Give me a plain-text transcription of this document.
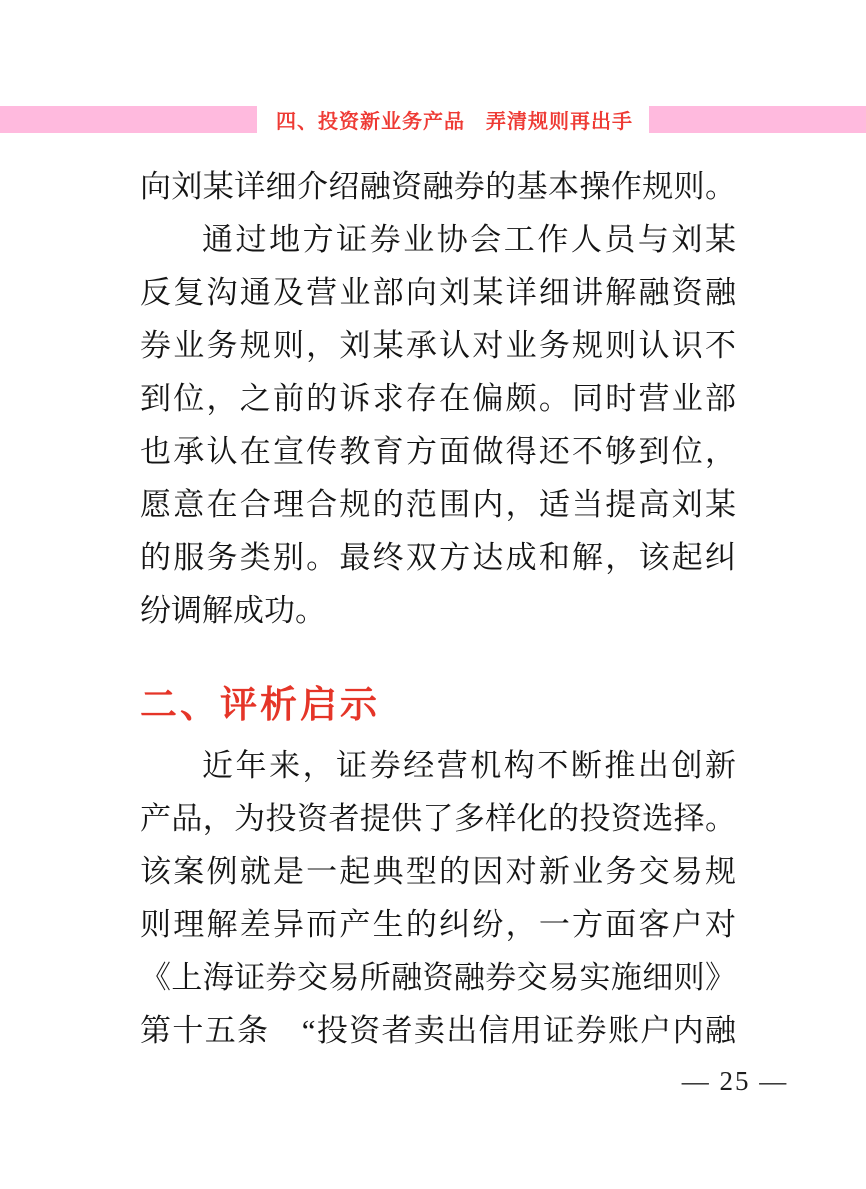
四、投资新业务产品　弄清规则再出手
向刘某详细介绍融资融券的基本操作规则。
通过地方证券业协会工作人员与刘某
反复沟通及营业部向刘某详细讲解融资融
券业务规则，刘某承认对业务规则认识不
到位，之前的诉求存在偏颇。同时营业部
也承认在宣传教育方面做得还不够到位，
愿意在合理合规的范围内，适当提高刘某
的服务类别。最终双方达成和解，该起纠
纷调解成功。
二、评析启示
近年来，证券经营机构不断推出创新
产品，为投资者提供了多样化的投资选择。
该案例就是一起典型的因对新业务交易规
则理解差异而产生的纠纷，一方面客户对
《上海证券交易所融资融券交易实施细则》
第十五条　“投资者卖出信用证券账户内融
— 25 —
